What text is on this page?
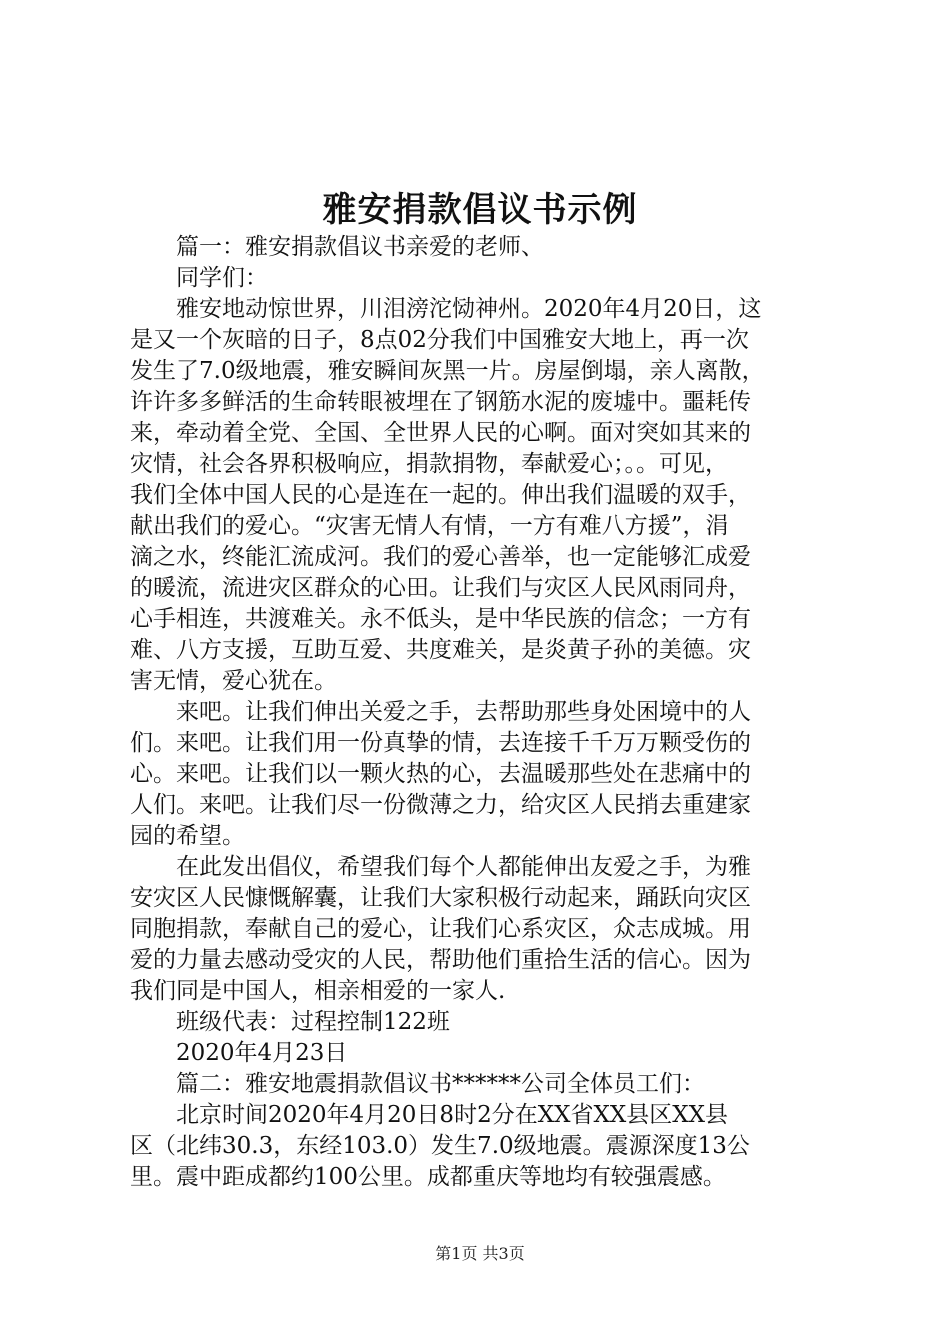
雅安捐款倡议书示例
篇一：雅安捐款倡议书亲爱的老师、
同学们：
雅安地动惊世界，川泪滂沱恸神州。2020年4月20日，这
是又一个灰暗的日子，8点02分我们中国雅安大地上，再一次
发生了7.0级地震，雅安瞬间灰黑一片。房屋倒塌，亲人离散，
许许多多鲜活的生命转眼被埋在了钢筋水泥的废墟中。噩耗传
来，牵动着全党、全国、全世界人民的心啊。面对突如其来的
灾情，社会各界积极响应，捐款捐物，奉献爱心；。。可见，
我们全体中国人民的心是连在一起的。伸出我们温暖的双手，
献出我们的爱心。“灾害无情人有情，一方有难八方援”，涓
滴之水，终能汇流成河。我们的爱心善举，也一定能够汇成爱
的暖流，流进灾区群众的心田。让我们与灾区人民风雨同舟，
心手相连，共渡难关。永不低头，是中华民族的信念；一方有
难、八方支援，互助互爱、共度难关，是炎黄子孙的美德。灾
害无情，爱心犹在。
来吧。让我们伸出关爱之手，去帮助那些身处困境中的人
们。来吧。让我们用一份真挚的情，去连接千千万万颗受伤的
心。来吧。让我们以一颗火热的心，去温暖那些处在悲痛中的
人们。来吧。让我们尽一份微薄之力，给灾区人民捎去重建家
园的希望。
在此发出倡仪，希望我们每个人都能伸出友爱之手，为雅
安灾区人民慷慨解囊，让我们大家积极行动起来，踊跃向灾区
同胞捐款，奉献自己的爱心，让我们心系灾区，众志成城。用
爱的力量去感动受灾的人民，帮助他们重拾生活的信心。因为
我们同是中国人，相亲相爱的一家人.
班级代表：过程控制122班
2020年4月23日
篇二：雅安地震捐款倡议书******公司全体员工们：
北京时间2020年4月20日8时2分在XX省XX县区XX县
区（北纬30.3，东经103.0）发生7.0级地震。震源深度13公
里。震中距成都约100公里。成都重庆等地均有较强震感。
第1页 共3页
